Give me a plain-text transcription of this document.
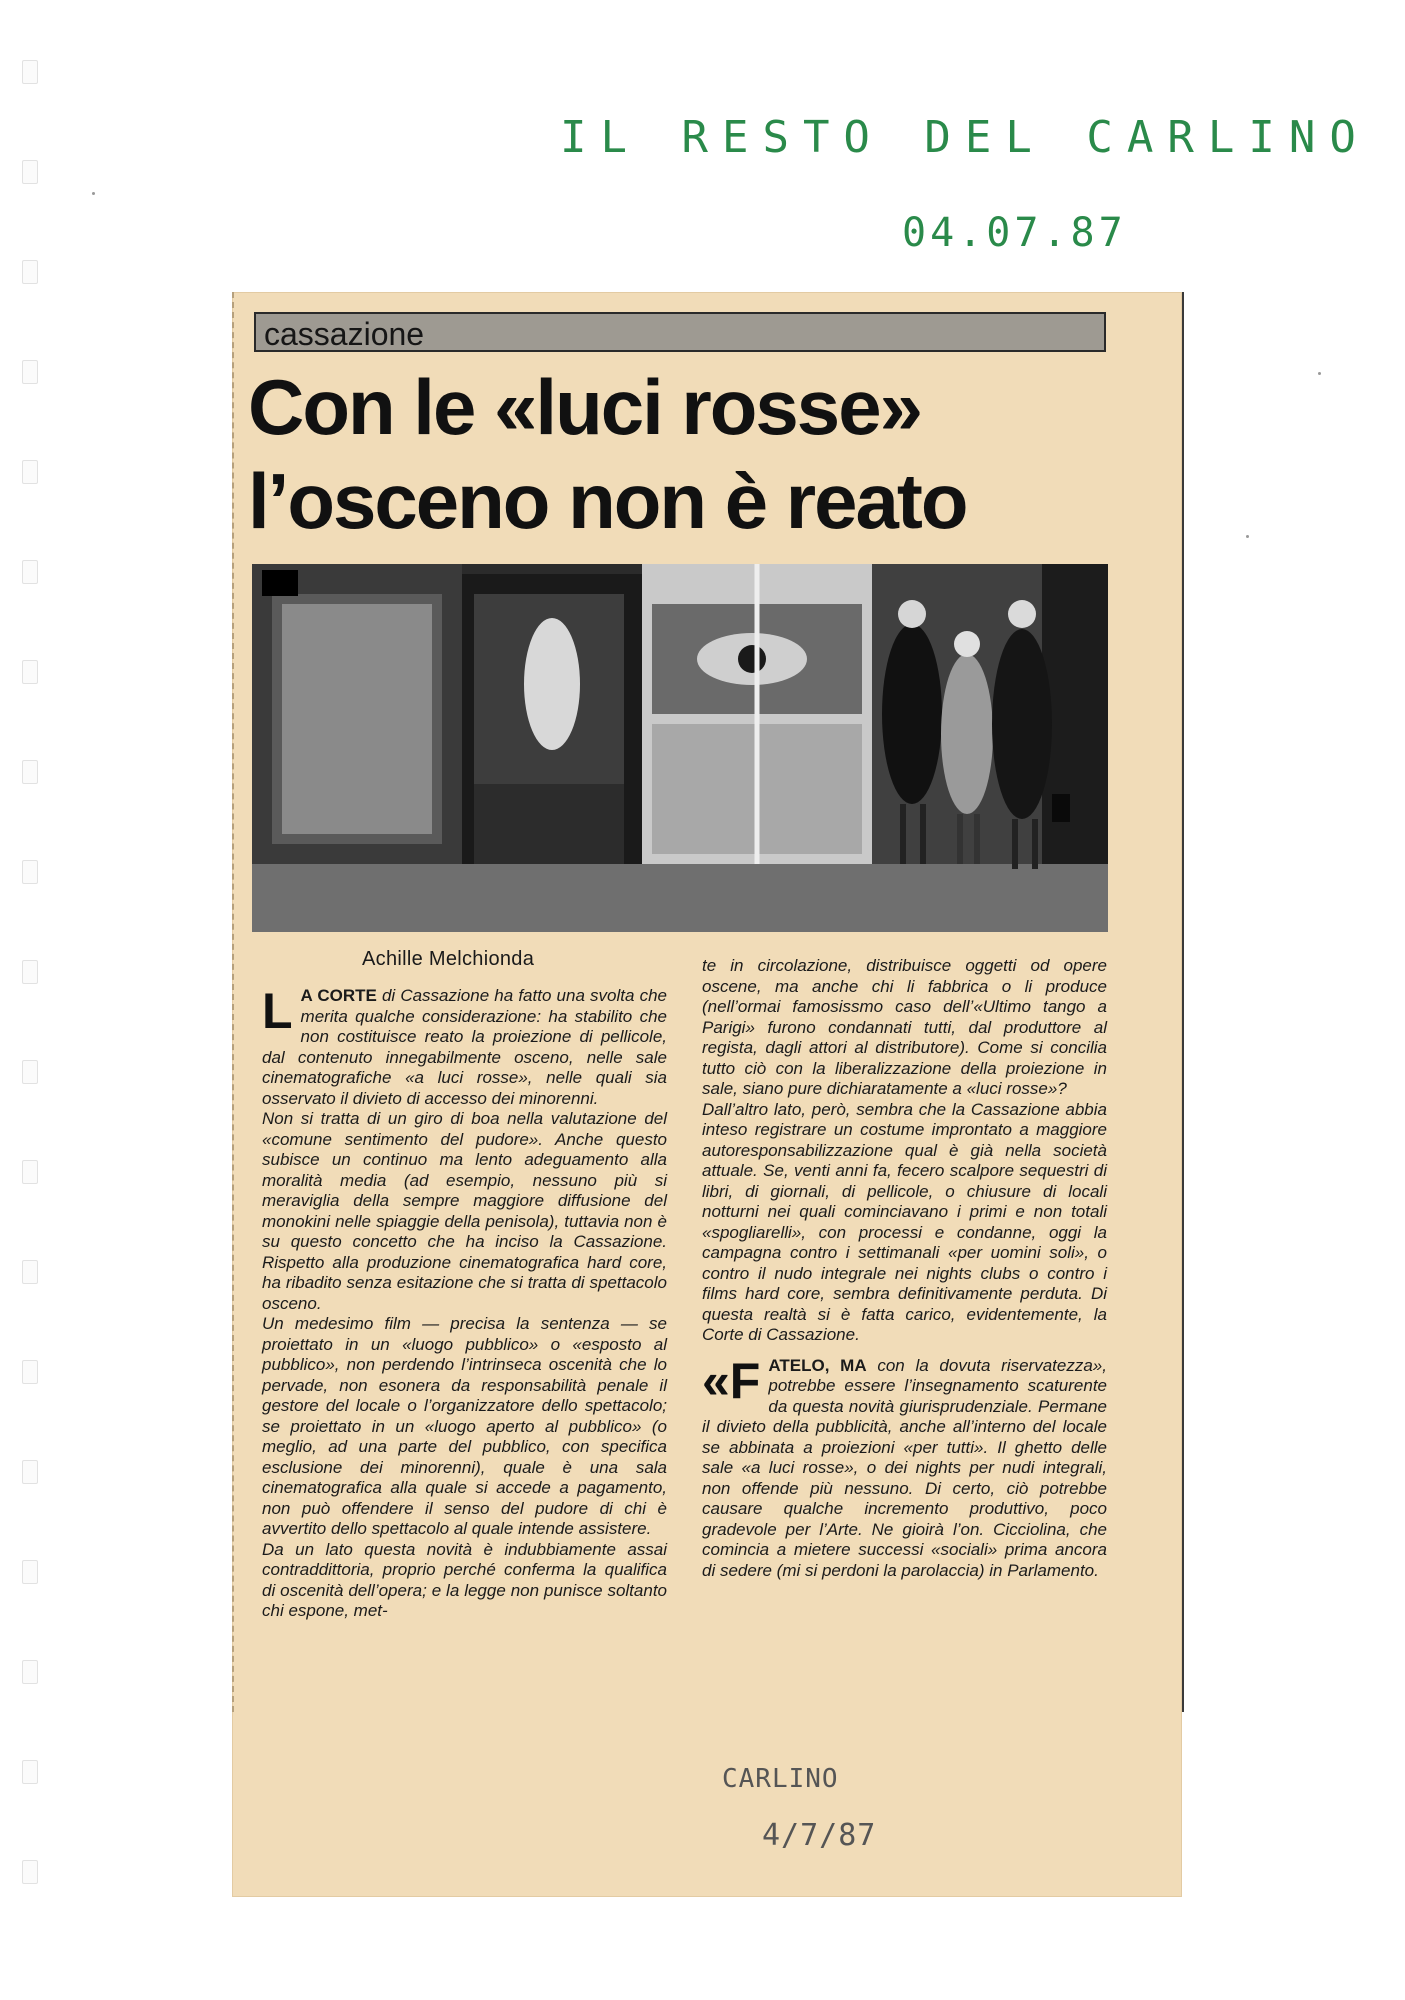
IL RESTO DEL CARLINO
04.07.87
cassazione
Con le «luci rosse»
l’osceno non è reato
Achille Melchionda

L A CORTE di Cassazione ha fatto una svolta che merita qualche considerazione: ha stabilito che non costituisce reato la proiezione di pellicole, dal contenuto innegabilmente osceno, nelle sale cinematografiche «a luci rosse», nelle quali sia osservato il divieto di accesso dei minorenni.

Non si tratta di un giro di boa nella valutazione del «comune sentimento del pudore». Anche questo subisce un continuo ma lento adeguamento alla moralità media (ad esempio, nessuno più si meraviglia della sempre maggiore diffusione del monokini nelle spiaggie della penisola), tuttavia non è su questo concetto che ha inciso la Cassazione. Rispetto alla produzione cinematografica hard core, ha ribadito senza esitazione che si tratta di spettacolo osceno.

Un medesimo film — precisa la sentenza — se proiettato in un «luogo pubblico» o «esposto al pubblico», non perdendo l’intrinseca oscenità che lo pervade, non esonera da responsabilità penale il gestore del locale o l’organizzatore dello spettacolo; se proiettato in un «luogo aperto al pubblico» (o meglio, ad una parte del pubblico, con specifica esclusione dei minorenni), quale è una sala cinematografica alla quale si accede a pagamento, non può offendere il senso del pudore di chi è avvertito dello spettacolo al quale intende assistere.

Da un lato questa novità è indubbiamente assai contraddittoria, proprio perché conferma la qualifica di oscenità dell’opera; e la legge non punisce soltanto chi espone, met-

te in circolazione, distribuisce oggetti od opere oscene, ma anche chi li fabbrica o li produce (nell’ormai famosissmo caso dell’«Ultimo tango a Parigi» furono condannati tutti, dal produttore al regista, dagli attori al distributore). Come si concilia tutto ciò con la liberalizzazione della proiezione in sale, siano pure dichiaratamente a «luci rosse»?

Dall’altro lato, però, sembra che la Cassazione abbia inteso registrare un costume improntato a maggiore autoresponsabilizzazione qual è già nella società attuale. Se, venti anni fa, fecero scalpore sequestri di libri, di giornali, di pellicole, o chiusure di locali notturni nei quali cominciavano i primi e non totali «spogliarelli», con processi e condanne, oggi la campagna contro i settimanali «per uomini soli», o contro il nudo integrale nei nights clubs o contro i films hard core, sembra definitivamente perduta. Di questa realtà si è fatta carico, evidentemente, la Corte di Cassazione.

«FATELO, MA con la dovuta riservatezza», potrebbe essere l’insegnamento scaturente da questa novità giurisprudenziale. Permane il divieto della pubblicità, anche all’interno del locale se abbinata a proiezioni «per tutti». Il ghetto delle sale «a luci rosse», o dei nights per nudi integrali, non offende più nessuno. Di certo, ciò potrebbe causare qualche incremento produttivo, poco gradevole per l’Arte. Ne gioirà l’on. Cicciolina, che comincia a mietere successi «sociali» prima ancora di sedere (mi si perdoni la parolaccia) in Parlamento.

CARLINO
4/7/87
